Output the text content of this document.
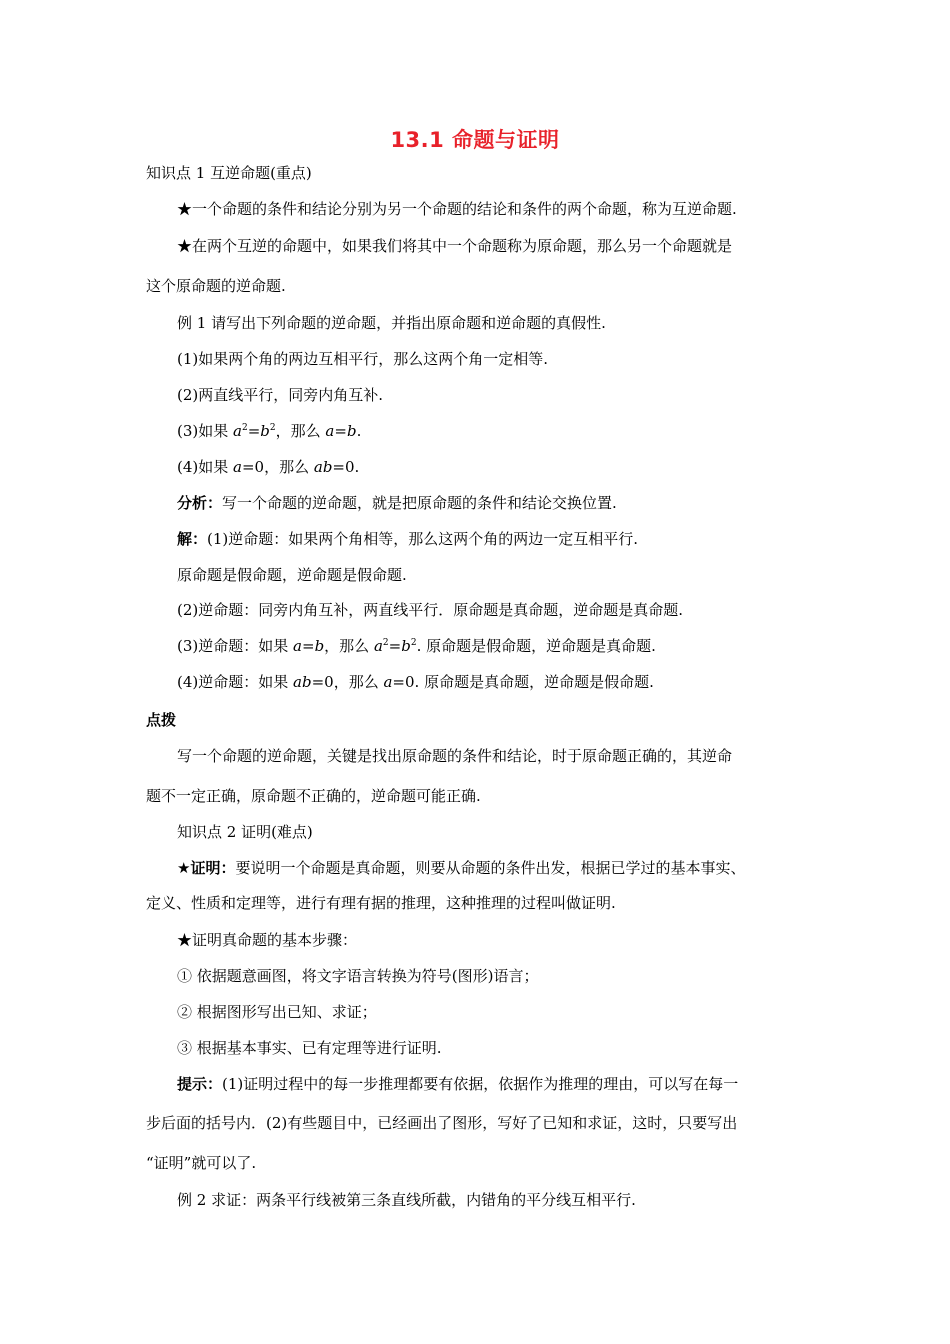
13.1 命题与证明
知识点 1 互逆命题(重点)
★一个命题的条件和结论分别为另一个命题的结论和条件的两个命题，称为互逆命题.
★在两个互逆的命题中，如果我们将其中一个命题称为原命题，那么另一个命题就是
这个原命题的逆命题.
例 1 请写出下列命题的逆命题，并指出原命题和逆命题的真假性.
(1)如果两个角的两边互相平行，那么这两个角一定相等.
(2)两直线平行，同旁内角互补.
(3)如果 $a^2=b^2$，那么 a=b.
(4)如果 a=0，那么 ab=0.
分析：写一个命题的逆命题，就是把原命题的条件和结论交换位置.
解：(1)逆命题：如果两个角相等，那么这两个角的两边一定互相平行.
原命题是假命题，逆命题是假命题.
(2)逆命题：同旁内角互补，两直线平行．原命题是真命题，逆命题是真命题.
(3)逆命题：如果 a=b，那么 $a^2=b^2$. 原命题是假命题，逆命题是真命题.
(4)逆命题：如果 ab=0，那么 a=0. 原命题是真命题，逆命题是假命题.
点拨
写一个命题的逆命题，关键是找出原命题的条件和结论，时于原命题正确的，其逆命
题不一定正确，原命题不正确的，逆命题可能正确.
知识点 2 证明(难点)
★证明：要说明一个命题是真命题，则要从命题的条件出发，根据已学过的基本事实、
定义、性质和定理等，进行有理有据的推理，这种推理的过程叫做证明.
★证明真命题的基本步骤：
① 依据题意画图，将文字语言转换为符号(图形)语言；
② 根据图形写出已知、求证；
③ 根据基本事实、已有定理等进行证明.
提示：(1)证明过程中的每一步推理都要有依据，依据作为推理的理由，可以写在每一
步后面的括号内．(2)有些题目中，已经画出了图形，写好了已知和求证，这时，只要写出
“证明”就可以了.
例 2 求证：两条平行线被第三条直线所截，内错角的平分线互相平行.
